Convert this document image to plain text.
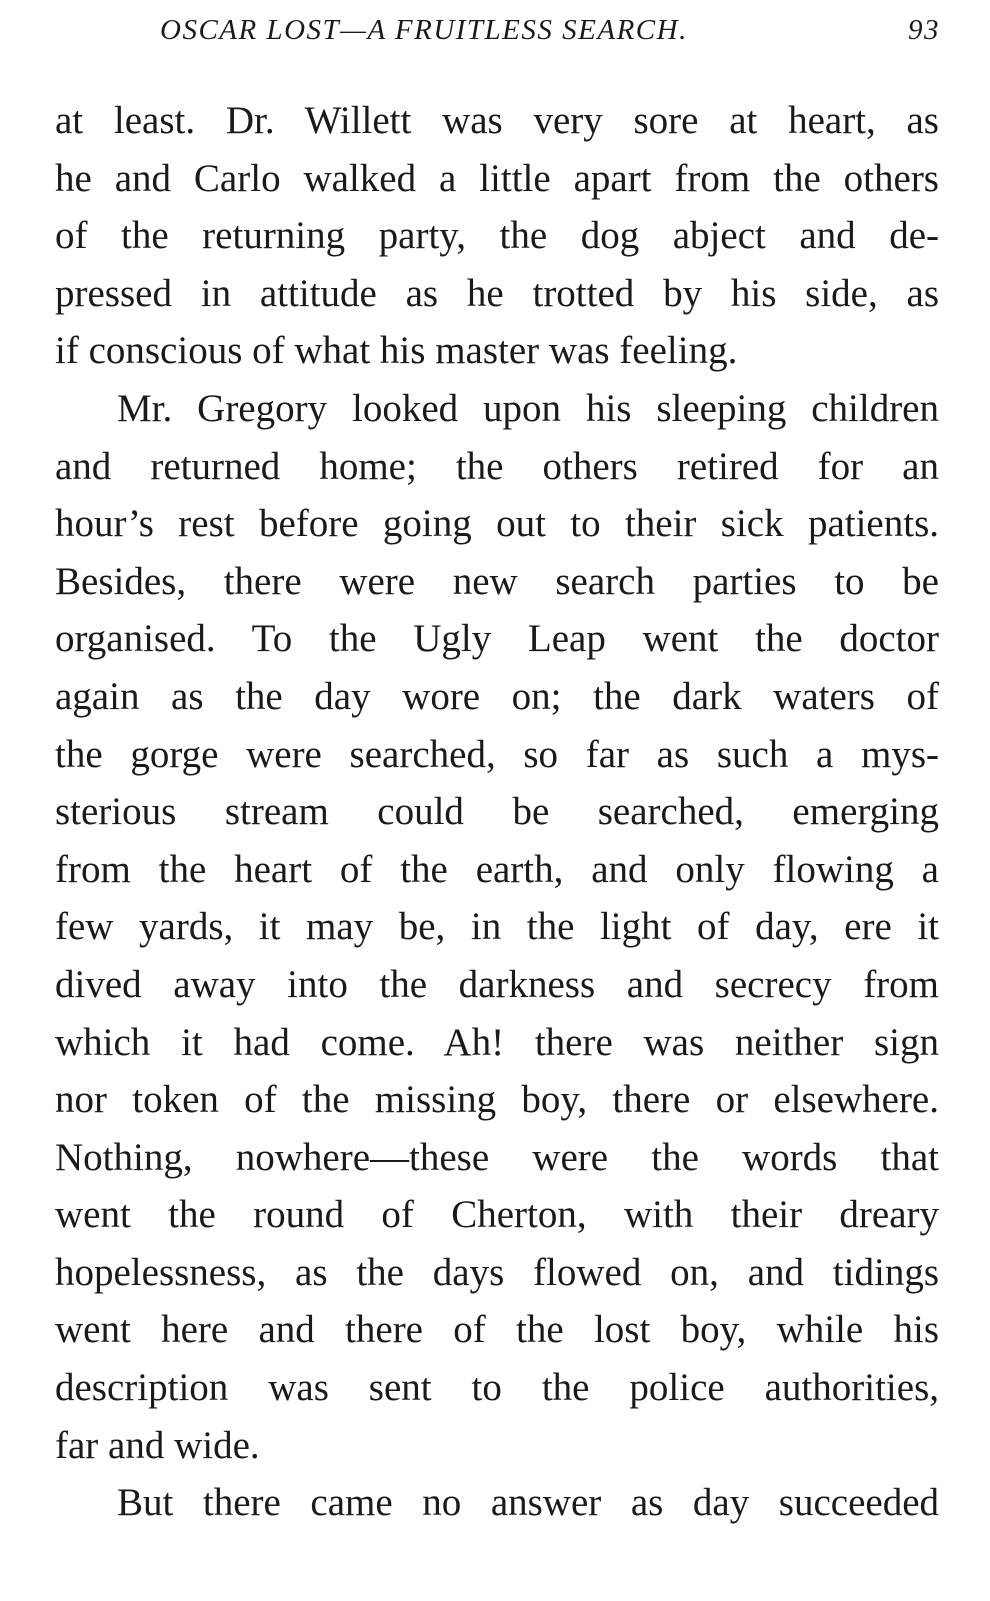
OSCAR LOST—A FRUITLESS SEARCH.	93
at least. Dr. Willett was very sore at heart, as
he and Carlo walked a little apart from the others
of the returning party, the dog abject and de-
pressed in attitude as he trotted by his side, as
if conscious of what his master was feeling.
Mr. Gregory looked upon his sleeping children
and returned home; the others retired for an
hour’s rest before going out to their sick patients.
Besides, there were new search parties to be
organised. To the Ugly Leap went the doctor
again as the day wore on; the dark waters of
the gorge were searched, so far as such a mys-
sterious stream could be searched, emerging
from the heart of the earth, and only flowing a
few yards, it may be, in the light of day, ere it
dived away into the darkness and secrecy from
which it had come. Ah! there was neither sign
nor token of the missing boy, there or elsewhere.
Nothing, nowhere—these were the words that
went the round of Cherton, with their dreary
hopelessness, as the days flowed on, and tidings
went here and there of the lost boy, while his
description was sent to the police authorities,
far and wide.
But there came no answer as day succeeded
